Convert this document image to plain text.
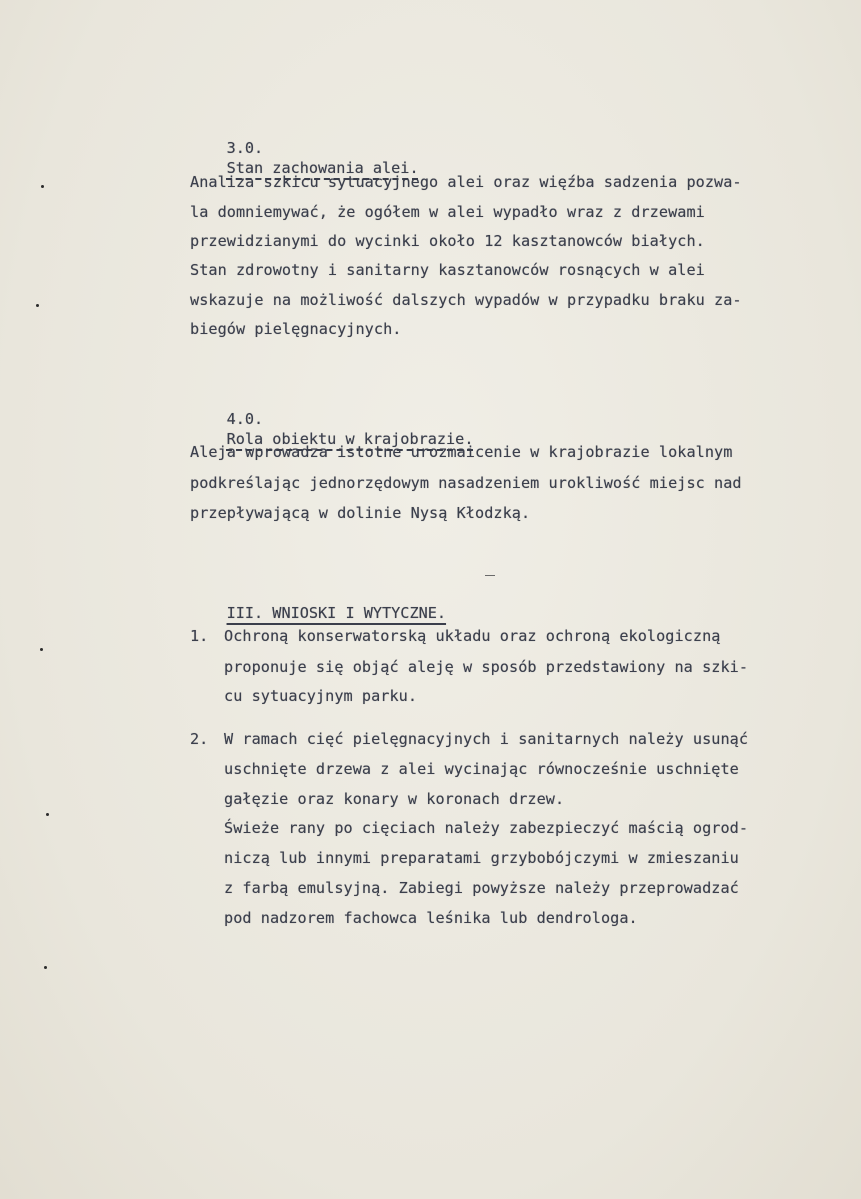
3.0.
Stan zachowania alei.

Analiza szkicu sytuacyjnego alei oraz więźba sadzenia pozwa-
la domniemywać, że ogółem w alei wypadło wraz z drzewami
przewidzianymi do wycinki około 12 kasztanowców białych.
Stan zdrowotny i sanitarny kasztanowców rosnących w alei
wskazuje na możliwość dalszych wypadów w przypadku braku za-
biegów pielęgnacyjnych.

4.0.
Rola obiektu w krajobrazie.

Aleja wprowadza istotne urozmaicenie w krajobrazie lokalnym
podkreślając jednorzędowym nasadzeniem urokliwość miejsc nad
przepływającą w dolinie Nysą Kłodzką.

III. WNIOSKI I WYTYCZNE.

1. Ochroną konserwatorską układu oraz ochroną ekologiczną
proponuje się objąć aleję w sposób przedstawiony na szki-
cu sytuacyjnym parku.
2. W ramach cięć pielęgnacyjnych i sanitarnych należy usunąć
uschnięte drzewa z alei wycinając równocześnie uschnięte
gałęzie oraz konary w koronach drzew.
Świeże rany po cięciach należy zabezpieczyć maścią ogrod-
niczą lub innymi preparatami grzybobójczymi w zmieszaniu
z farbą emulsyjną. Zabiegi powyższe należy przeprowadzać
pod nadzorem fachowca leśnika lub dendrologa.
